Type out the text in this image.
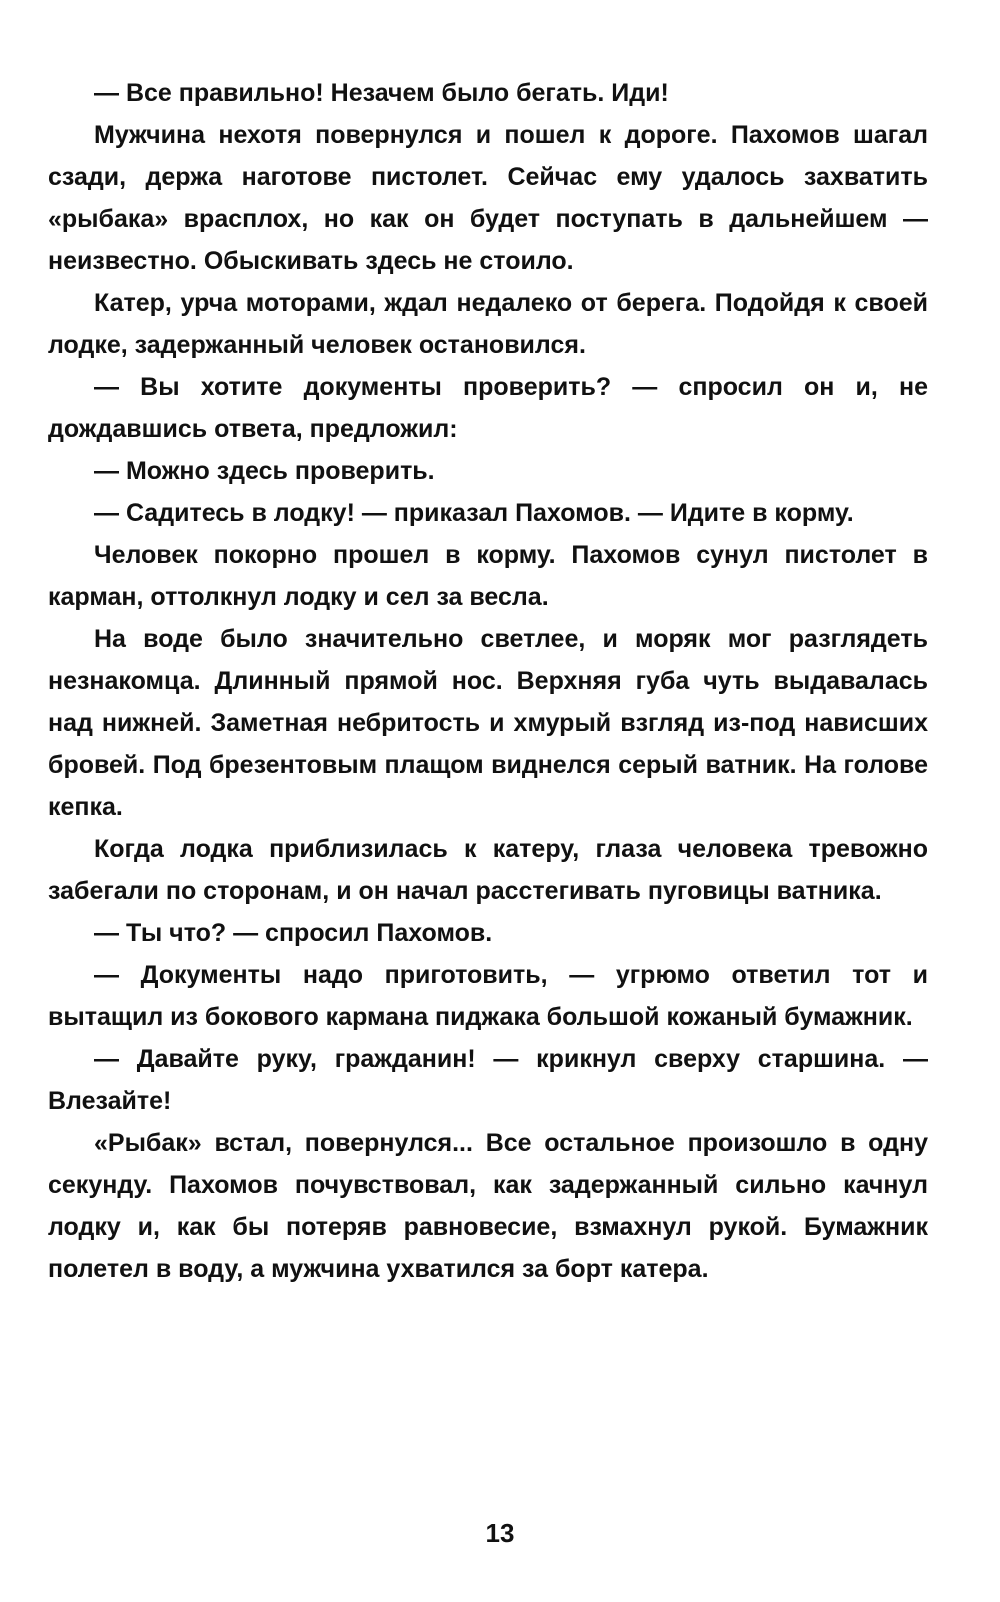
— Все правильно! Незачем было бегать. Иди!

Мужчина нехотя повернулся и пошел к дороге. Пахомов шагал сзади, держа наготове пистолет. Сейчас ему удалось захватить «рыбака» врасплох, но как он будет поступать в дальнейшем — неизвестно. Обыскивать здесь не стоило.

Катер, урча моторами, ждал недалеко от берега. Подойдя к своей лодке, задержанный человек остановился.

— Вы хотите документы проверить? — спросил он и, не дождавшись ответа, предложил:

— Можно здесь проверить.

— Садитесь в лодку! — приказал Пахомов. — Идите в корму.

Человек покорно прошел в корму. Пахомов сунул пистолет в карман, оттолкнул лодку и сел за весла.

На воде было значительно светлее, и моряк мог разглядеть незнакомца. Длинный прямой нос. Верхняя губа чуть выдавалась над нижней. Заметная небритость и хмурый взгляд из-под нависших бровей. Под брезентовым плащом виднелся серый ватник. На голове кепка.

Когда лодка приблизилась к катеру, глаза человека тревожно забегали по сторонам, и он начал расстегивать пуговицы ватника.

— Ты что? — спросил Пахомов.

— Документы надо приготовить, — угрюмо ответил тот и вытащил из бокового кармана пиджака большой кожаный бумажник.

— Давайте руку, гражданин! — крикнул сверху старшина. — Влезайте!

«Рыбак» встал, повернулся... Все остальное произошло в одну секунду. Пахомов почувствовал, как задержанный сильно качнул лодку и, как бы потеряв равновесие, взмахнул рукой. Бумажник полетел в воду, а мужчина ухватился за борт катера.

13
